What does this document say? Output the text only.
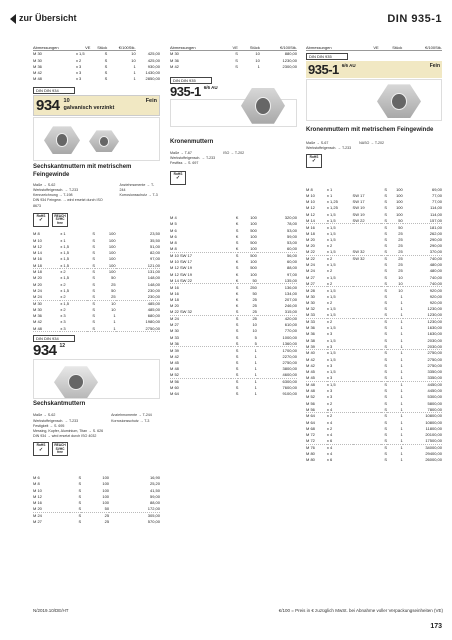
zur Übersicht	DIN 935-1
Abmessungen	VE	Stück	€/100Stk.	
M 30	x 1,5	S	10	425,00
M 30	x 2	S	10	425,00
M 36	x 3	S	1	930,00
M 42	x 3	S	1	1430,00
M 48	x 3	S	1	2850,00
DIN DIN 934
934	Fein
10
galvanisch verzinkt
Sechskantmuttern mit metrischem Feingewinde
Maße → S-62
Werkstoffeigensch. → T-233
Kennzeichnung → T-198
DIN 934 Feingew. → wird ersetzt durch ISO 8673
Anziehmomente → T-244
Korrosionsschutz → T-3

RoHS
✓
REACH SVHC free
M 8	x 1	S	100	23,50
M 10	x 1	S	100	35,50
M 12	x 1,5	S	100	51,00
M 14	x 1,5	S	100	82,00
M 16	x 1,5	S	100	97,00
M 18	x 1,5	S	100	121,00
M 18	x 2	S	100	131,00
M 20	x 1,5	S	50	148,00
M 20	x 2	S	25	148,00
M 24	x 1,5	S	50	230,00
M 24	x 2	S	25	230,00
M 30	x 1,5	S	10	485,00
M 30	x 2	S	10	485,00
M 36	x 3	S	1	680,00
M 42	x 3	S	1	1980,00
M 48	x 3	S	1	2750,00
DIN DIN 934
934 12
Sechskantmuttern
Maße → S-62
Werkstoffeigensch. → T-233
Festigkeit → S. 695
Messing, Kupfer, Aluminium, Titan → S. 626
DIN 934 → wird ersetzt durch ISO 4032
Anziehmomente → T-244
Korrosionsschutz → T-3
RoHS
✓
REACH SVHC free
M 6	S	100	16,90
M 8	S	100	25,20
M 10	S	100	41,50
M 12	S	100	59,00
M 16	S	100	88,00
M 20	S	50	172,00
M 24	S	25	305,00
M 27	S	25	570,00
Abmessungen	VE	Stück	€/100Stk.
M 30	S	10	880,00
M 36	S	10	1230,00
M 42	S	1	2300,00
DIN DIN 935
935-1 6/6 AU
Kronenmuttern
Maße → T-67
Werkstoffeigensch. → T-233
Festfiss → S. 697
ISO → T-202

RoHS
✓
M 4	K	100	320,00
M 5	K	100	78,00
M 6	S	500	53,00
M 6	K	100	59,00
M 8	S	500	53,00
M 8	K	100	60,00
M 10 SW 17	S	500	56,00
M 10 SW 17	K	100	60,00
M 12 SW 19	S	500	88,00
M 12 SW 19	K	100	97,00
M 14 SW 22	K	50	135,00
M 16	S	250	136,00
M 16	K	50	134,00
M 18	K	25	207,00
M 20	K	25	246,00
M 22 SW 32	S	25	315,00
M 24	S	25	420,00
M 27	S	10	610,00
M 30	S	10	770,00
M 33	S	5	1000,00
M 36	S	5	1360,00
M 39	S	1	1700,00
M 42	S	1	2270,00
M 45	S	1	2750,00
M 48	S	1	3800,00
M 52	S	1	4600,00
M 56	S	1	6300,00
M 60	S	1	7600,00
M 64	S	1	9100,00
Abmessungen	VE	Stück	€/100Stk.
DIN DIN 935
935-1 6/6 AU	Fein
Kronenmuttern mit metrischem Feingewinde
Maße → S-67
Werkstoffeigensch. → T-233
NASO → T-202

RoHS
✓
M 8	x 1		S	100	69,00
M 10	x 1	SW 17	S	100	77,00
M 10	x 1,25	SW 17	S	100	77,00
M 12	x 1,25	SW 19	S	100	114,00
M 12	x 1,5	SW 19	S	100	114,00
M 14	x 1,5	SW 22	S	50	157,00
M 16	x 1,5		S	50	181,00
M 18	x 1,5		S	25	262,00
M 20	x 1,5		S	25	290,00
M 20	x 2		S	25	290,00
M 22	x 1,5	SW 32	S	25	370,00
M 22	x 2	SW 32	S	25	740,00
M 24	x 1,5		S	25	480,00
M 24	x 2		S	25	480,00
M 27	x 1,5		S	10	740,00
M 27	x 2		S	10	740,00
M 28	x 1,5		S	10	920,00
M 30	x 1,5		S	1	920,00
M 30	x 2		S	1	920,00
M 32	x 1,5		S	1	1230,00
M 33	x 1,5		S	1	1230,00
M 33	x 2		S	1	1230,00
M 36	x 1,5		S	1	1630,00
M 36	x 3		S	1	1630,00
M 38	x 1,5		S	1	2030,00
M 39	x 3		S	1	2030,00
M 40	x 1,5		S	1	2750,00
M 42	x 1,5		S	1	2750,00
M 42	x 3		S	1	2750,00
M 45	x 1,5		S	1	3350,00
M 45	x 3		S	1	3350,00
M 48	x 1,5		S	1	4450,00
M 48	x 3		S	1	4450,00
M 52	x 3		S	1	5300,00
M 56	x 2		S	1	5800,00
M 56	x 4		S	1	7800,00
M 64	x 2		S	1	10800,00
M 64	x 4		S	1	10800,00
M 68	x 2		S	1	11800,00
M 72	x 4		S	1	20100,00
M 72	x 6		S	1	17500,00
M 76	x 4		S	1	34000,00
M 80	x 4		S	1	29400,00
M 80	x 6		S	1	26000,00
N/2019.10/DE/HT	€/100 = Preis in € zuzüglich MwSt. bei Abnahme voller Verpackungseinheiten (VE)
173
